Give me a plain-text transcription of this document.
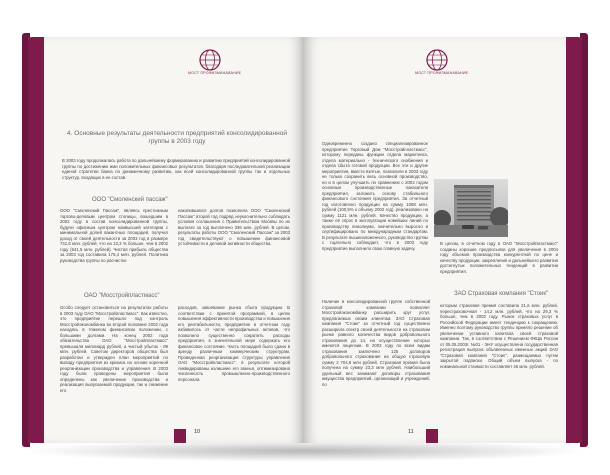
МОСТ ПРОФИЗМАНАВАНИЕ
4. Основные результаты деятельности предприятий консолидированной группы в 2003 году

В 2003 году продолжалась работа по дальнейшему формированию и развитию предприятий консолидированной группы по достижению ими положительных финансовых результатов, благодаря последовательной реализации единой стратегии банка по динамичному развитию, как всей консолидированной группы так и отдельных структур, входящих в ее состав.

ООО "Смоленский пассаж"

ООО "Смоленский Пассаж", являясь престижным торгово-деловым центром столицы, вошедшим в 2002 году в состав консолидированной группы, будучи офисным центром наивысшей категории с минимальной долей вакантных площадей, получил доход от своей деятельности за 2003 год в размере 741,6 млн. рублей, что на 13,3 % больше, чем в 2002 году (641,5 млн. рублей). Чистая прибыль общества за 2003 год составила 175,4 млн. рублей. Политика руководства группы по расчистке

накопившихся долгов позволила ООО "Смоленский Пассаж" второй год подряд неукоснительно соблюдать условия соглашения с Правительством Москвы по их выплате за год выплачено 336 млн. рублей. В целом, результаты работы ООО "Смоленский Пассаж" за 2003 год свидетельствуют о повышении финансовой устойчивости и деловой активности общества.

ОАО "Мосстройпластмасс"

Особо следует остановиться на результатах работы в 2003 году ОАО "Мосстройпластмасс". Как известно, это предприятие перешло под контроль Мосстройэкономбанка во второй половине 2002 года находясь в тяжелом финансовом положении, с большими долгами. На конец 2002 года обязательства ОАО "Мосстройпластмасс" превышали миллиард рублей, а чистый убыток - 89 млн. рублей. Советом директоров общества был разработан и утвержден план мероприятий по выводу предприятия из кризиса на основе коренной реорганизации производства и управления. В 2003 году были проведены мероприятия были определены как увеличение производства и реализация выпускаемой продукции, так и снижение его

расходов, завоевание рынка сбыта продукции. В соответствии с принятой программой, в целях повышения эффективности производства и повышения его рентабельности, предприятие в отчетном году избавилось от части непрофильных активов, что позволило существенно сократить расходы предприятия, в значительной мере содержать его финансовое состояние. Часть площадей было сдано в аренду различным коммерческим структурам. Проведенная реорганизация структуры управления ОАО "Мосстройпластмасс", в результате которой ликвидированы излишние его звенья, оптимизирована численность промышленно-производственного персонала.

10
МОСТ ПРОФИЗМАНАВАНИЕ

Одновременно создано специализированное предприятие Торговый Дом "Мосстройпластмасс", которому переданы функции отдела маркетинга, отдела материально - технического снабжения и отдела сбыта готовой продукции. Все эти и другие мероприятия, вместе взятые, позволили в 2003 году не только сохранить весь основной производство, но и в целом улучшить по сравнению с 2002 годом основные производственные показатели предприятия, заложить основу стабильного финансового состояния предприятия. За отчетный год изготовлено продукции на сумму 1068 млн. рублей (100,5% к объему 2002 год), реализовано на сумму 1121 млн. рублей. Качество продукции, а также её спрос в эксплуатации новейших линий по производству линолеума, значительно выросло и сертифицировано по международным стандартам. В результате вышеизложенного, руководство группы с тщательно соблюдает, что в 2003 году предприятие выполнило свою главную задачу.

В целом, в отчетном году в ОАО "Мосстройпластмасс" созданы хорошие предпосылки для увеличения в 2004 году объемов производства конкурентной по цене и качеству продукции, закрепления и дальнейшего развития достигнутых положительных тенденций в развитии предприятия.

ЗАО Страховая компания "Стоик"

Наличие в консолидированной группе собственной страховой компании позволяет Мосстройэкономбанку расширить круг услуг, предлагаемых своим клиентам. ЗАО Страховая компания "Стоик" за отчетный год существенно расширила спектр своей деятельности на страховом рынке равного количества видов добровольного страхования до 14, на осуществление которых имеются лицензии. В 2003 году по всем видам страхования заключено 125 договоров добровольного страхования на общую страховую сумму 2 704,8 млн рублей. Страховая премия была получена на сумму 23,3 млн рублей. Наибольший удельный вес занимают договоры страхования имущества предприятий, организаций и учреждений, по

которым страховая премия составила 21,6 млн. рублей, перестраховочная - 14,2 млн. рублей, что на 29,3 % больше, чем в 2002 году. Рынок страховых услуг в Российской Федерации имеет тенденцию к сокращению. Именно поэтому руководство группы приняло решение об увеличении уставного капитала своей страховой компании. Так, в соответствии с Решением ФКЦБ России от 05.05.2003г. №01 - ЭНУ осуществлена государственная регистрация выпуска объявленных именных акций ЗАО "Страховая компания "Стоик", размещаемых путем закрытой подписки. Общий объем выпуска - по номинальной стоимости составляет 46 млн. рублей.

11
